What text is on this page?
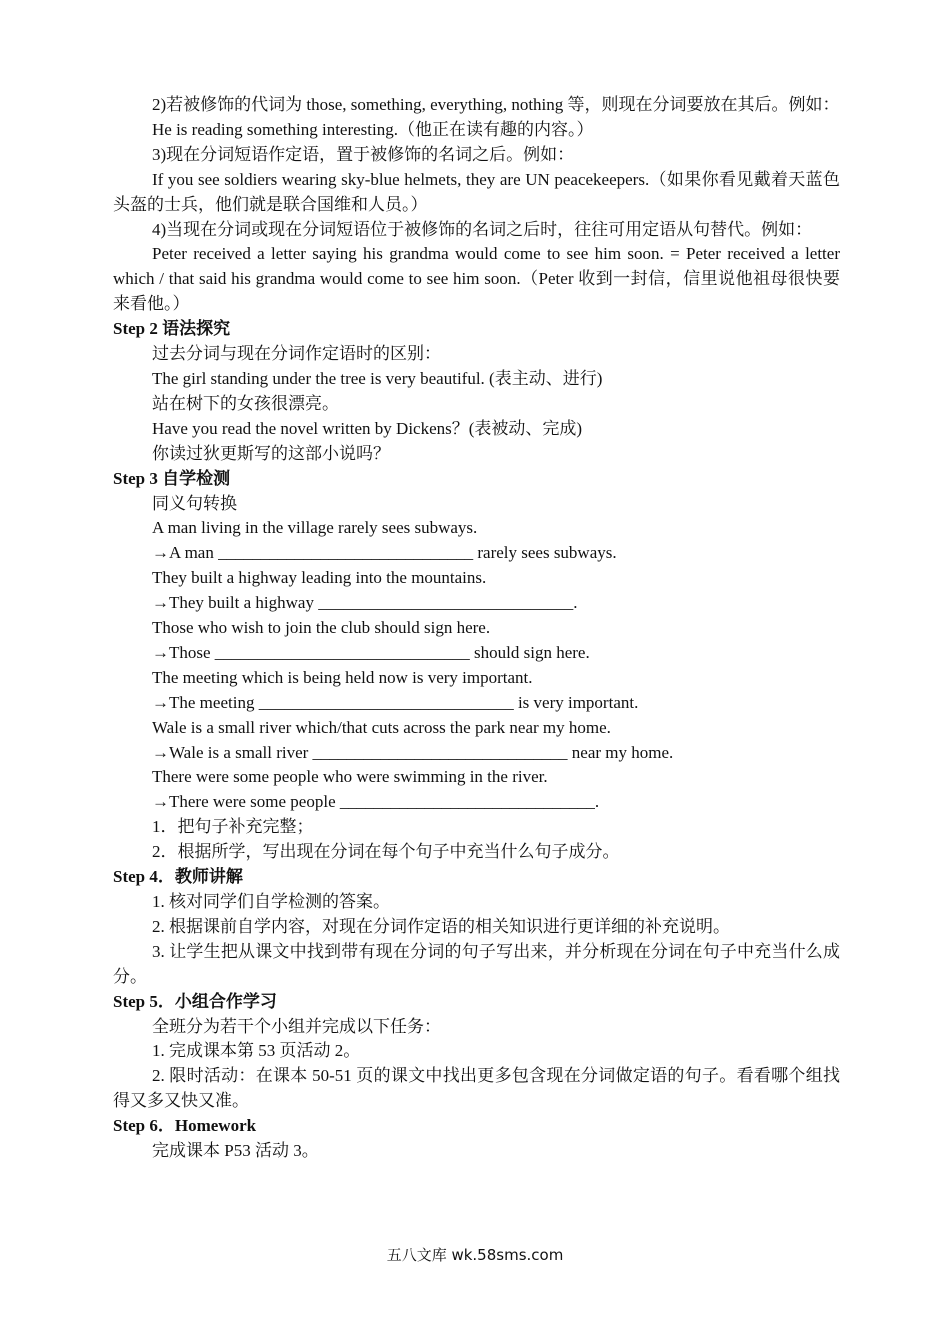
2)若被修饰的代词为 those, something, everything, nothing 等，则现在分词要放在其后。例如：

He is reading something interesting.（他正在读有趣的内容。）

3)现在分词短语作定语，置于被修饰的名词之后。例如：

If you see soldiers wearing sky-blue helmets, they are UN peacekeepers.（如果你看见戴着天蓝色头盔的士兵，他们就是联合国维和人员。）

4)当现在分词或现在分词短语位于被修饰的名词之后时，往往可用定语从句替代。例如：

Peter received a letter saying his grandma would come to see him soon. = Peter received a letter which / that said his grandma would come to see him soon.（Peter 收到一封信，信里说他祖母很快要来看他。）

Step 2 语法探究

过去分词与现在分词作定语时的区别：

The girl standing under the tree is very beautiful. (表主动、进行)

站在树下的女孩很漂亮。

Have you read the novel written by Dickens？(表被动、完成)

你读过狄更斯写的这部小说吗？

Step 3 自学检测

同义句转换

A man living in the village rarely sees subways.

→A man ______________________________ rarely sees subways.

They built a highway leading into the mountains.

→They built a highway ______________________________.

Those who wish to join the club should sign here.

→Those ______________________________ should sign here.

The meeting which is being held now is very important.

→The meeting ______________________________ is very important.

Wale is a small river which/that cuts across the park near my home.

→Wale is a small river ______________________________ near my home.

There were some people who were swimming in the river.

→There were some people ______________________________.

1．把句子补充完整；

2．根据所学，写出现在分词在每个句子中充当什么句子成分。

Step 4．教师讲解

1. 核对同学们自学检测的答案。

2. 根据课前自学内容，对现在分词作定语的相关知识进行更详细的补充说明。

3. 让学生把从课文中找到带有现在分词的句子写出来，并分析现在分词在句子中充当什么成分。

Step 5．小组合作学习

全班分为若干个小组并完成以下任务：

1. 完成课本第 53 页活动 2。

2. 限时活动：在课本 50-51 页的课文中找出更多包含现在分词做定语的句子。看看哪个组找得又多又快又准。

Step 6．Homework

完成课本 P53 活动 3。

五八文库 wk.58sms.com
